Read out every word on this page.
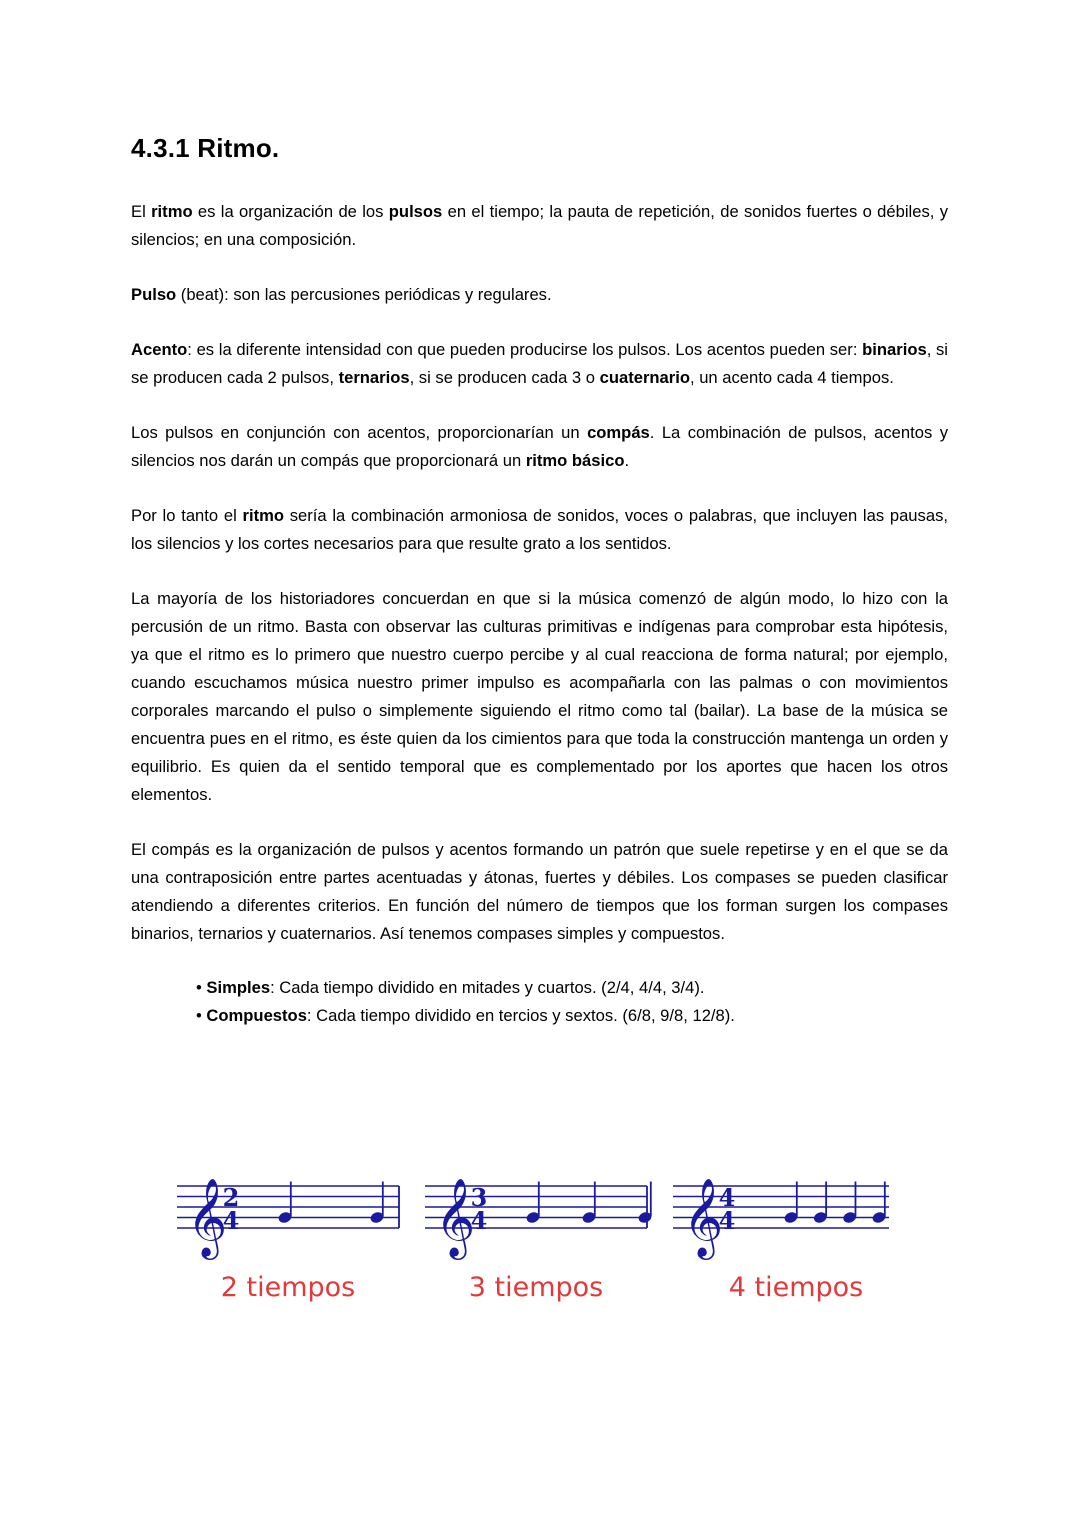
4.3.1 Ritmo.

El ritmo es la organización de los pulsos en el tiempo; la pauta de repetición, de sonidos fuertes o débiles, y silencios; en una composición.

Pulso (beat): son las percusiones periódicas y regulares.

Acento: es la diferente intensidad con que pueden producirse los pulsos. Los acentos pueden ser: binarios, si se producen cada 2 pulsos, ternarios, si se producen cada 3 o cuaternario, un acento cada 4 tiempos.

Los pulsos en conjunción con acentos, proporcionarían un compás. La combinación de pulsos, acentos y silencios nos darán un compás que proporcionará un ritmo básico.

Por lo tanto el ritmo sería la combinación armoniosa de sonidos, voces o palabras, que incluyen las pausas, los silencios y los cortes necesarios para que resulte grato a los sentidos.

La mayoría de los historiadores concuerdan en que si la música comenzó de algún modo, lo hizo con la percusión de un ritmo. Basta con observar las culturas primitivas e indígenas para comprobar esta hipótesis, ya que el ritmo es lo primero que nuestro cuerpo percibe y al cual reacciona de forma natural; por ejemplo, cuando escuchamos música nuestro primer impulso es acompañarla con las palmas o con movimientos corporales marcando el pulso o simplemente siguiendo el ritmo como tal (bailar). La base de la música se encuentra pues en el ritmo, es éste quien da los cimientos para que toda la construcción mantenga un orden y equilibrio. Es quien da el sentido temporal que es complementado por los aportes que hacen los otros elementos.

El compás es la organización de pulsos y acentos formando un patrón que suele repetirse y en el que se da una contraposición entre partes acentuadas y átonas, fuertes y débiles. Los compases se pueden clasificar atendiendo a diferentes criterios. En función del número de tiempos que los forman surgen los compases binarios, ternarios y cuaternarios. Así tenemos compases simples y compuestos.

• Simples: Cada tiempo dividido en mitades y cuartos. (2/4, 4/4, 3/4).
• Compuestos: Cada tiempo dividido en tercios y sextos. (6/8, 9/8, 12/8).
𝄞
2
4
2 tiempos
𝄞
3
4
3 tiempos
𝄞
4
4
4 tiempos
